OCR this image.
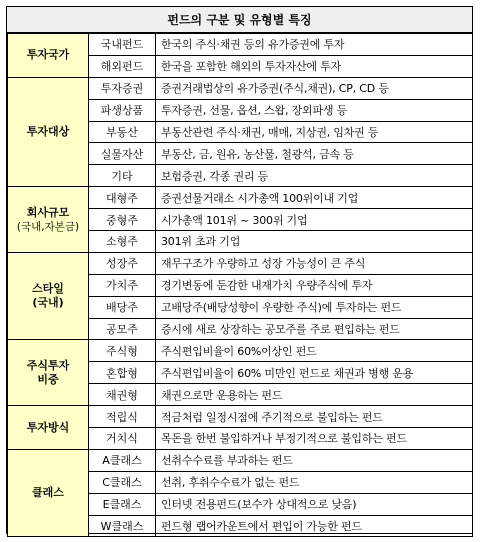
펀드의 구분 및 유형별 특징
투자국가	국내펀드	한국의 주식·채권 등의 유가증권에 투자
	해외펀드	한국을 포함한 해외의 투자자산에 투자

투자대상	투자증권	증권거래법상의 유가증권(주식,채권), CP, CD 등
	파생상품	투자증권, 선물, 옵션, 스왑, 장외파생 등
	부동산	부동산관련 주식·채권, 매매, 지상권, 임차권 등
	실물자산	부동산, 금, 원유, 농산물, 철광석, 금속 등
	기타	보험증권, 각종 권리 등

회사규모
(국내,자본금)	대형주	증권선물거래소 시가총액 100위이내 기업
	중형주	시가총액 101위 ~ 300위 기업
	소형주	301위 초과 기업

스타일
(국내)	성장주	재무구조가 우량하고 성장 가능성이 큰 주식
	가치주	경기변동에 둔감한 내재가치 우량주식에 투자
	배당주	고배당주(배당성향이 우량한 주식)에 투자하는 펀드
	공모주	증시에 새로 상장하는 공모주를 주로 편입하는 펀드

주식투자
비중	주식형	주식편입비율이 60%이상인 펀드
	혼합형	주식편입비율이 60% 미만인 펀드로 채권과 병행 운용
	채권형	채권으로만 운용하는 펀드

투자방식	적립식	적금처럼 일정시점에 주기적으로 불입하는 펀드
	거치식	목돈을 한번 불입하거나 부정기적으로 불입하는 펀드

클래스	A클래스	선취수수료를 부과하는 펀드
	C클래스	선취, 후취수수료가 없는 펀드
	E클래스	인터넷 전용펀드(보수가 상대적으로 낮음)
	W클래스	펀드형 랩어카운트에서 편입이 가능한 펀드
